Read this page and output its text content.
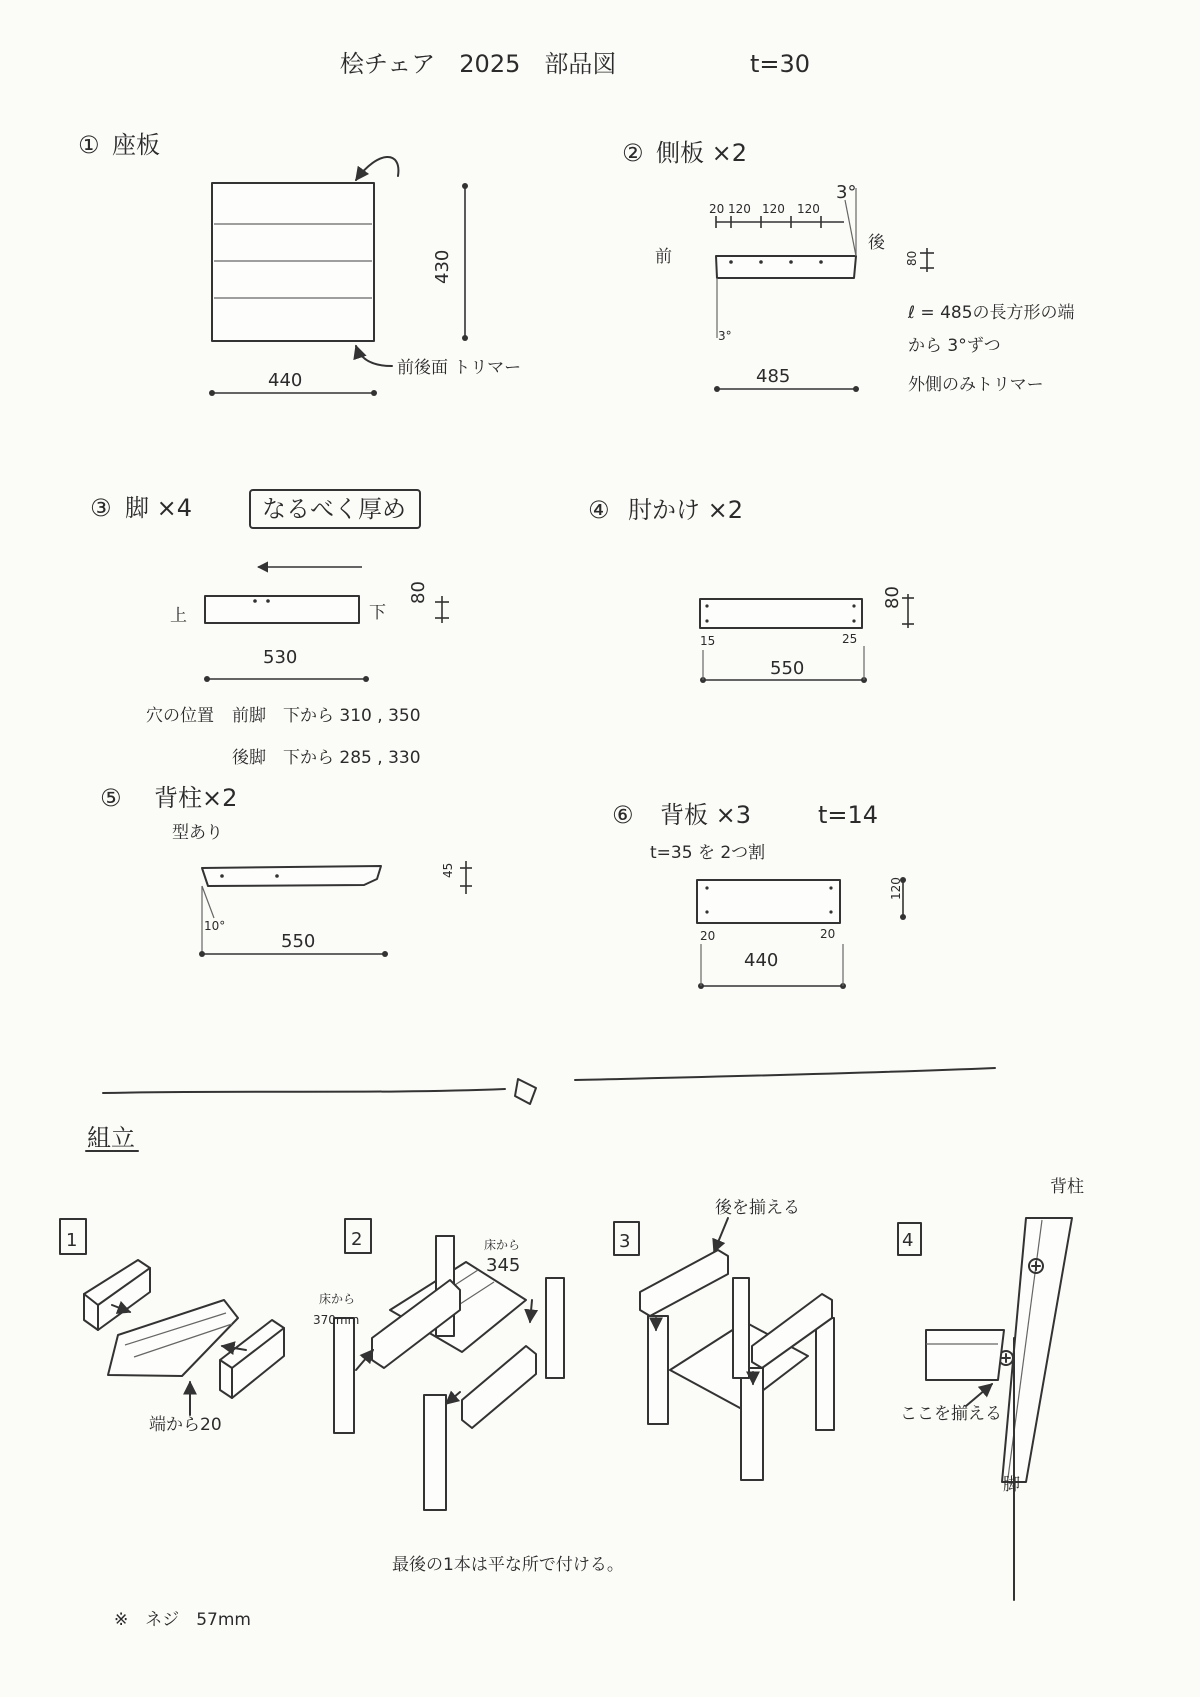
桧チェア　2025　部品図	t=30
① 座板
440
430
前後面 トリマー
② 側板 ×2
20 120 120 120
3°
3°
前
後
80
485
ℓ = 485の長方形の端
から 3°ずつ
外側のみトリマー
③ 脚 ×4	なるべく厚め
上	下
80
530
穴の位置 前脚　下から 310 , 350
後脚　下から 285 , 330
④ 肘かけ ×2
80
15	25
550
⑤ 背柱×2
型あり
10°
45
550
⑥ 背板 ×3	t=14
t=35 を 2つ割
120
20	20
440
組立
1
端から20
2
床から
370mm
床から
345
3
後を揃える
4
背柱
ここを揃える
脚
最後の1本は平な所で付ける。
※　ネジ　57mm
